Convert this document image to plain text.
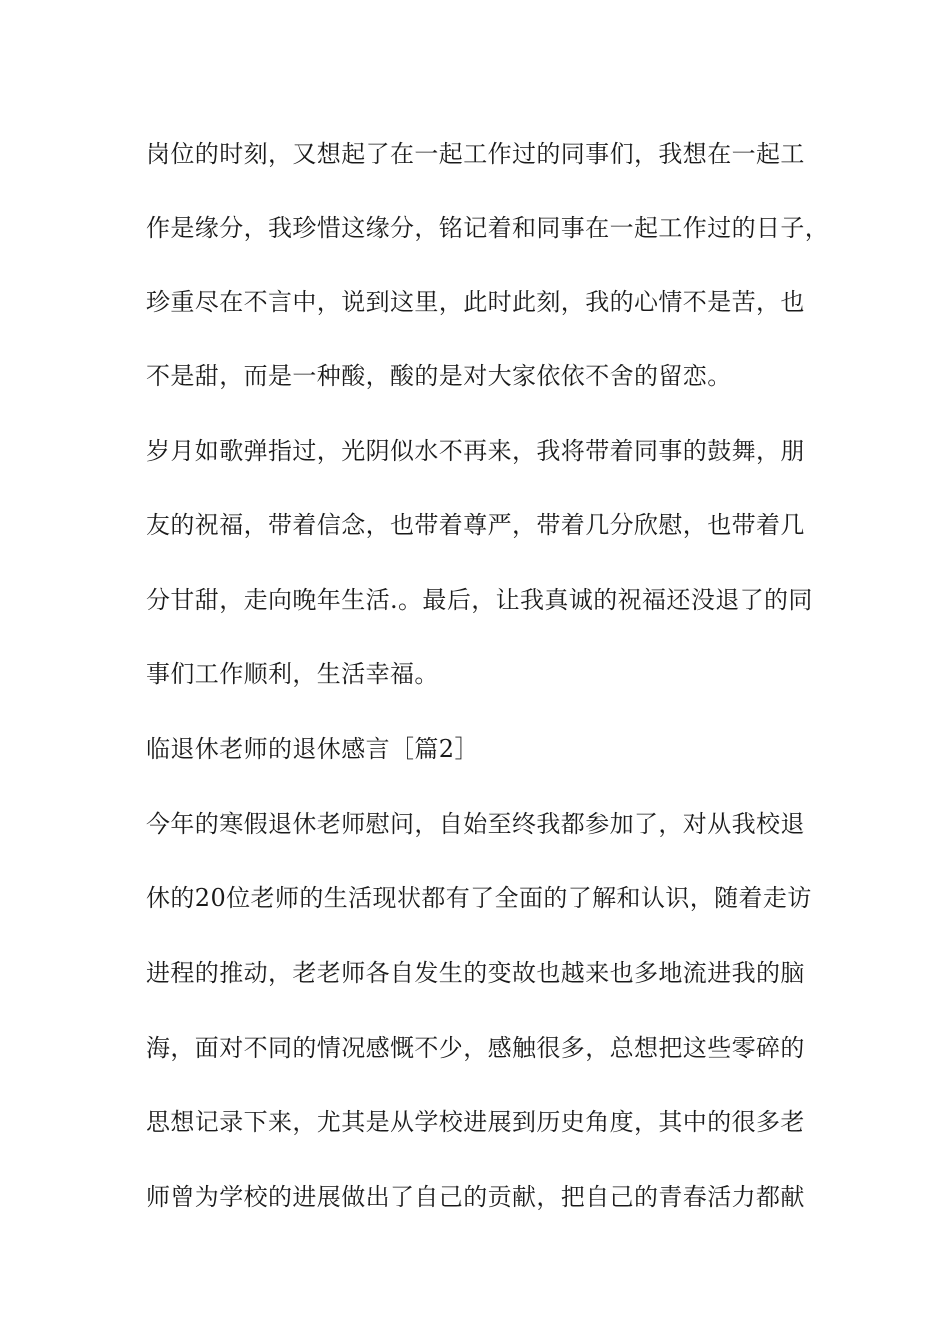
岗位的时刻，又想起了在一起工作过的同事们，我想在一起工
作是缘分，我珍惜这缘分，铭记着和同事在一起工作过的日子，
珍重尽在不言中，说到这里，此时此刻，我的心情不是苦，也
不是甜，而是一种酸，酸的是对大家依依不舍的留恋。
岁月如歌弹指过，光阴似水不再来，我将带着同事的鼓舞，朋
友的祝福，带着信念，也带着尊严，带着几分欣慰，也带着几
分甘甜，走向晚年生活.。最后，让我真诚的祝福还没退了的同
事们工作顺利，生活幸福。
临退休老师的退休感言［篇2］
今年的寒假退休老师慰问，自始至终我都参加了，对从我校退
休的20位老师的生活现状都有了全面的了解和认识，随着走访
进程的推动，老老师各自发生的变故也越来也多地流进我的脑
海，面对不同的情况感慨不少，感触很多，总想把这些零碎的
思想记录下来，尤其是从学校进展到历史角度，其中的很多老
师曾为学校的进展做出了自己的贡献，把自己的青春活力都献
